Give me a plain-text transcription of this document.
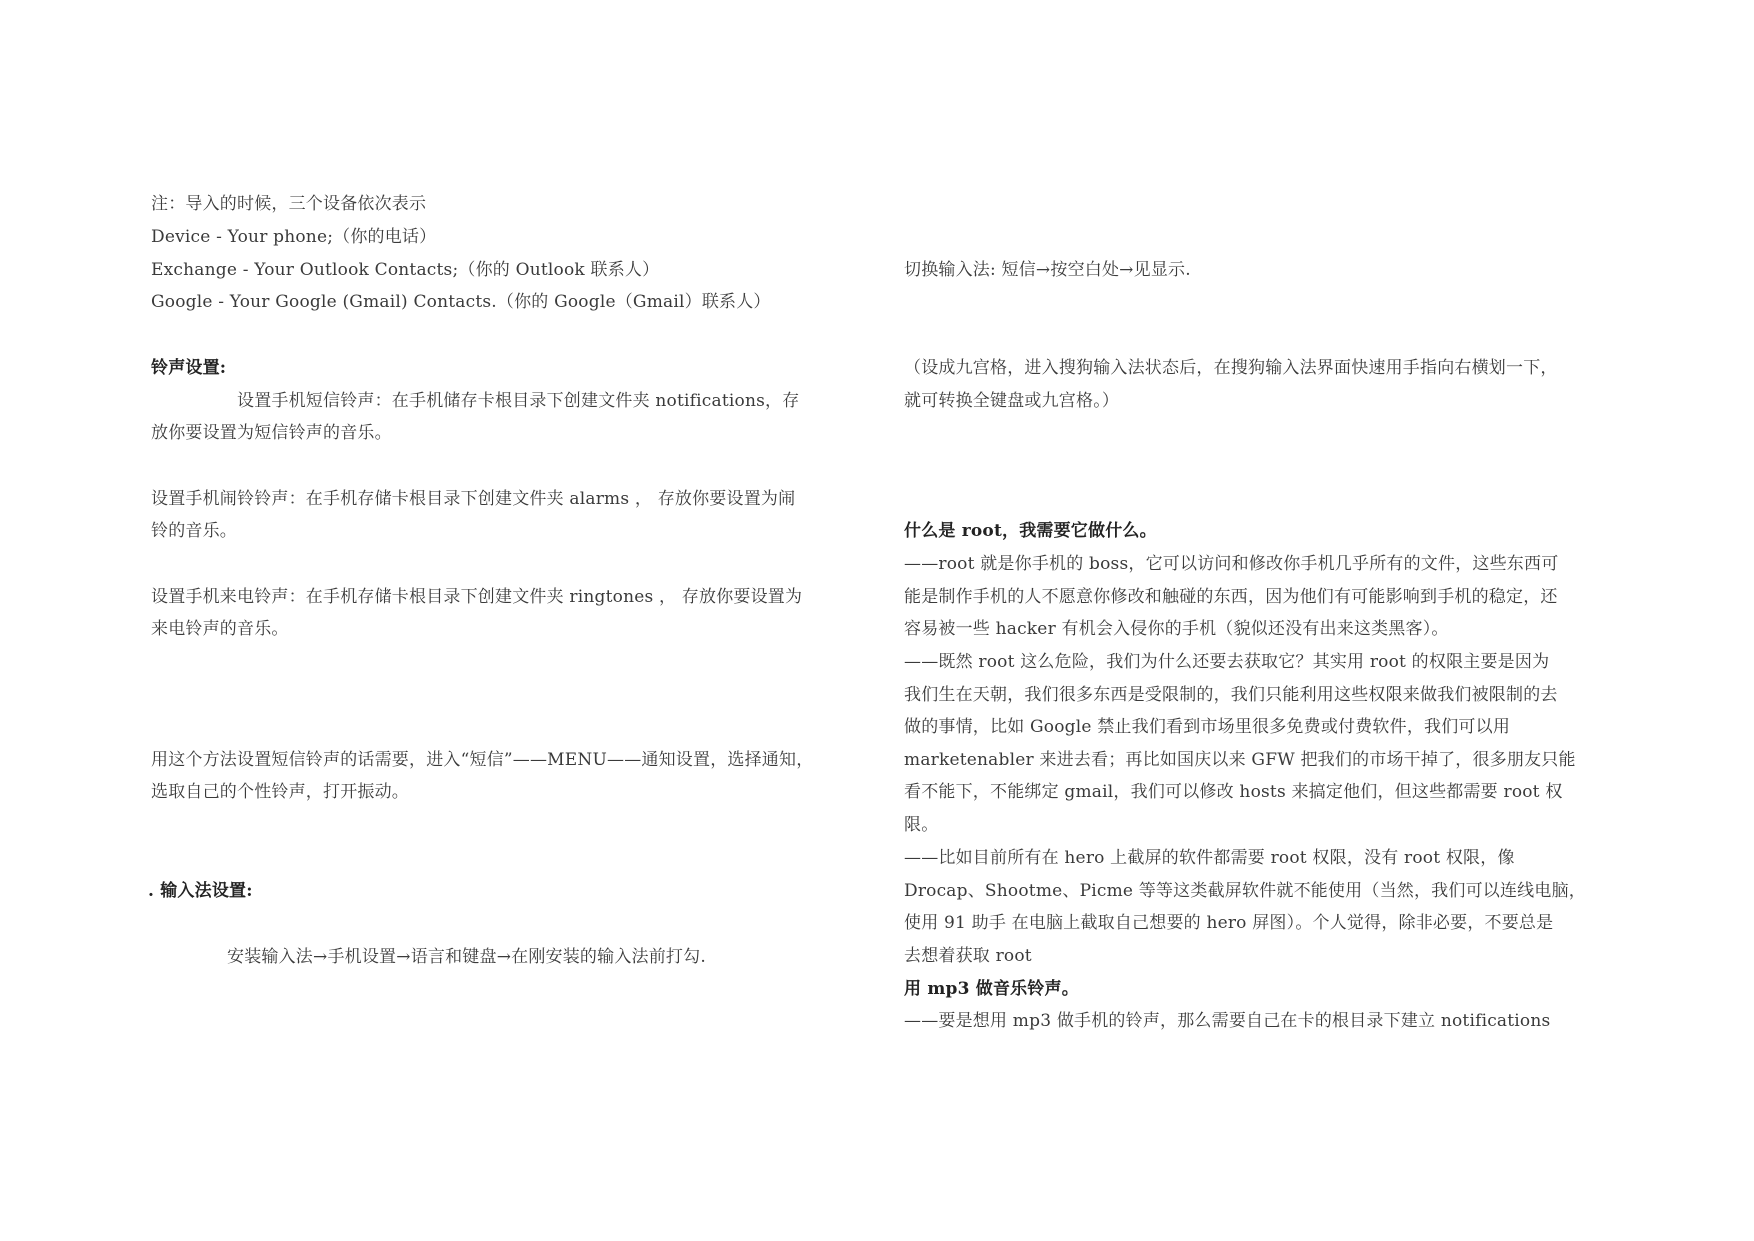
注：导入的时候，三个设备依次表示
Device - Your phone;（你的电话）
Exchange - Your Outlook Contacts;（你的 Outlook 联系人）
Google - Your Google (Gmail) Contacts.（你的 Google（Gmail）联系人）
铃声设置:
设置手机短信铃声：在手机储存卡根目录下创建文件夹 notifications，存
放你要设置为短信铃声的音乐。
设置手机闹铃铃声：在手机存储卡根目录下创建文件夹 alarms ， 存放你要设置为闹
铃的音乐。
设置手机来电铃声：在手机存储卡根目录下创建文件夹 ringtones ， 存放你要设置为
来电铃声的音乐。
用这个方法设置短信铃声的话需要，进入“短信”——MENU——通知设置，选择通知，
选取自己的个性铃声，打开振动。
. 输入法设置:
安装输入法→手机设置→语言和键盘→在刚安装的输入法前打勾.
切换输入法: 短信→按空白处→见显示.
（设成九宫格，进入搜狗输入法状态后，在搜狗输入法界面快速用手指向右横划一下，
就可转换全键盘或九宫格。）
什么是 root，我需要它做什么。
——root 就是你手机的 boss，它可以访问和修改你手机几乎所有的文件，这些东西可
能是制作手机的人不愿意你修改和触碰的东西，因为他们有可能影响到手机的稳定，还
容易被一些 hacker 有机会入侵你的手机（貌似还没有出来这类黑客）。
——既然 root 这么危险，我们为什么还要去获取它？其实用 root 的权限主要是因为
我们生在天朝，我们很多东西是受限制的，我们只能利用这些权限来做我们被限制的去
做的事情，比如 Google 禁止我们看到市场里很多免费或付费软件，我们可以用
marketenabler 来进去看；再比如国庆以来 GFW 把我们的市场干掉了，很多朋友只能
看不能下，不能绑定 gmail，我们可以修改 hosts 来搞定他们，但这些都需要 root 权
限。
——比如目前所有在 hero 上截屏的软件都需要 root 权限，没有 root 权限，像
Drocap、Shootme、Picme 等等这类截屏软件就不能使用（当然，我们可以连线电脑，
使用 91 助手 在电脑上截取自己想要的 hero 屏图）。个人觉得，除非必要，不要总是
去想着获取 root
用 mp3 做音乐铃声。
——要是想用 mp3 做手机的铃声，那么需要自己在卡的根目录下建立 notifications
